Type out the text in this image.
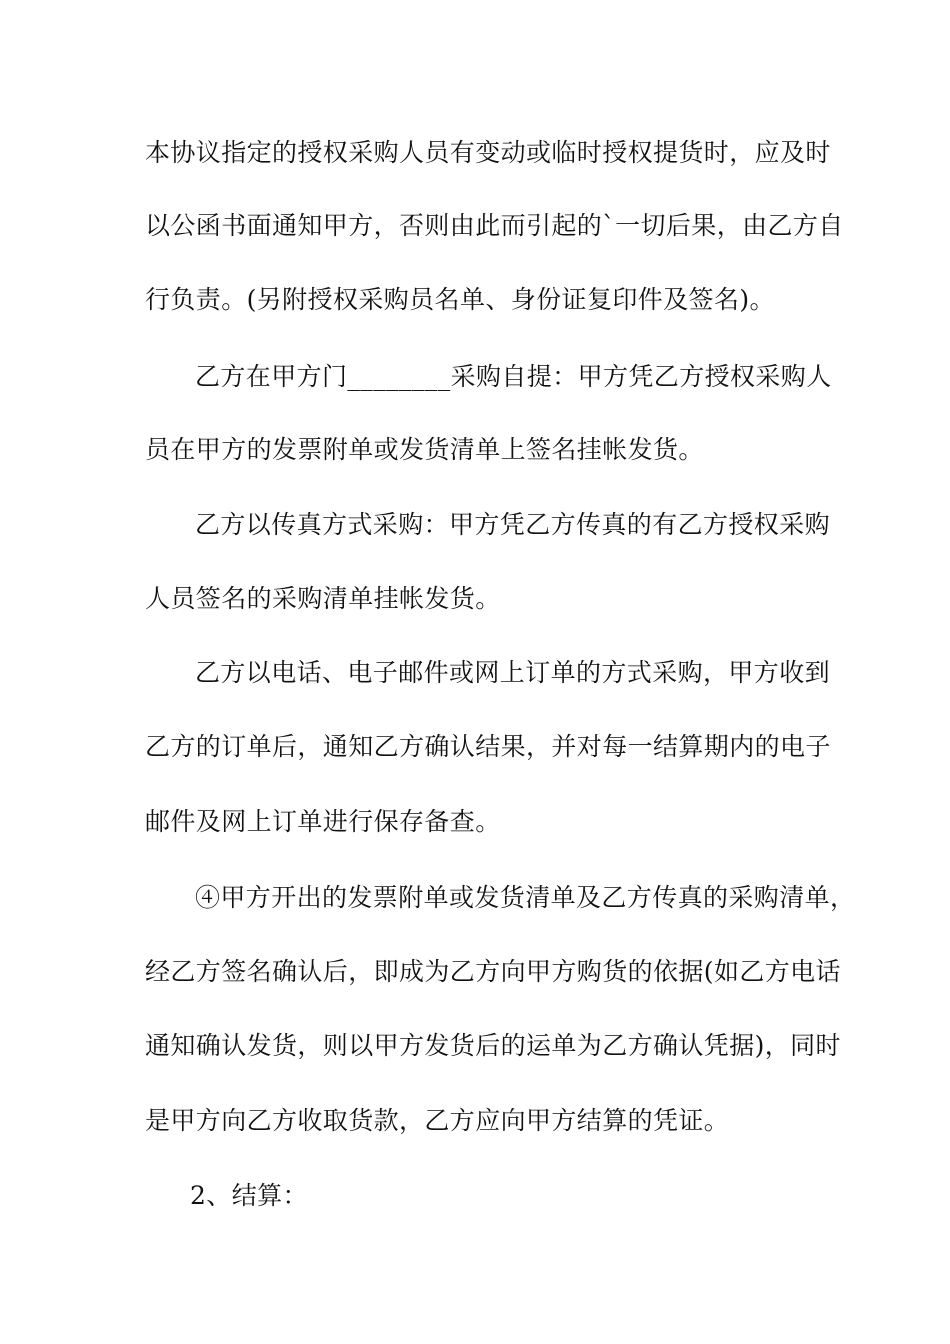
本协议指定的授权采购人员有变动或临时授权提货时，应及时
以公函书面通知甲方，否则由此而引起的`一切后果，由乙方自
行负责。(另附授权采购员名单、身份证复印件及签名)。
乙方在甲方门________采购自提：甲方凭乙方授权采购人
员在甲方的发票附单或发货清单上签名挂帐发货。
乙方以传真方式采购：甲方凭乙方传真的有乙方授权采购
人员签名的采购清单挂帐发货。
乙方以电话、电子邮件或网上订单的方式采购，甲方收到
乙方的订单后，通知乙方确认结果，并对每一结算期内的电子
邮件及网上订单进行保存备查。
④甲方开出的发票附单或发货清单及乙方传真的采购清单，
经乙方签名确认后，即成为乙方向甲方购货的依据(如乙方电话
通知确认发货，则以甲方发货后的运单为乙方确认凭据)，同时
是甲方向乙方收取货款，乙方应向甲方结算的凭证。
2、结算：
